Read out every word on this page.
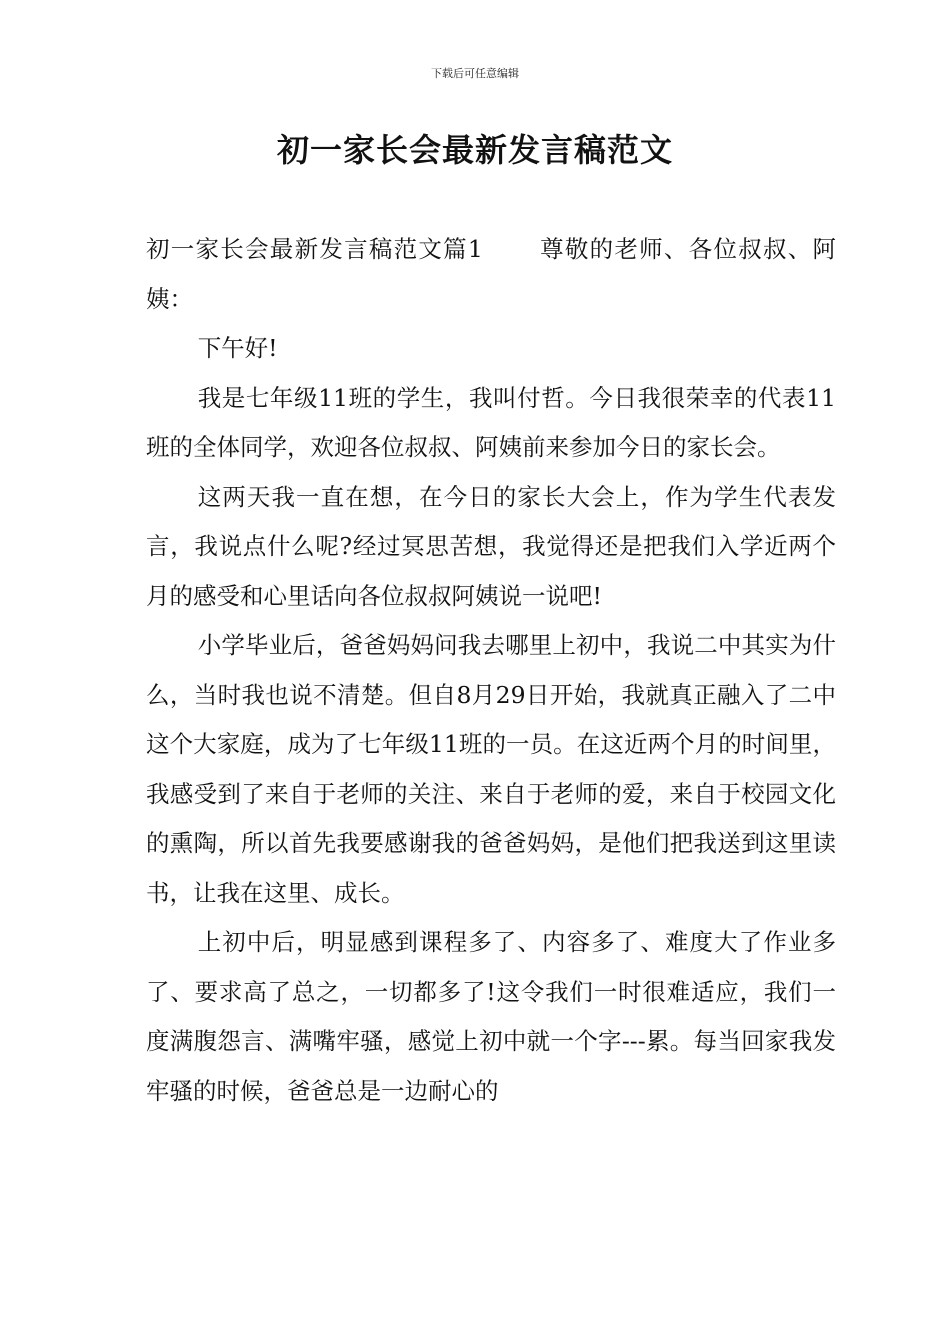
下载后可任意编辑
初一家长会最新发言稿范文

初一家长会最新发言稿范文篇1 尊敬的老师、各位叔叔、阿姨：

下午好!

我是七年级11班的学生，我叫付哲。今日我很荣幸的代表11班的全体同学，欢迎各位叔叔、阿姨前来参加今日的家长会。

这两天我一直在想，在今日的家长大会上，作为学生代表发言，我说点什么呢?经过冥思苦想，我觉得还是把我们入学近两个月的感受和心里话向各位叔叔阿姨说一说吧!

小学毕业后，爸爸妈妈问我去哪里上初中，我说二中其实为什么，当时我也说不清楚。但自8月29日开始，我就真正融入了二中这个大家庭，成为了七年级11班的一员。在这近两个月的时间里，我感受到了来自于老师的关注、来自于老师的爱，来自于校园文化的熏陶，所以首先我要感谢我的爸爸妈妈，是他们把我送到这里读书，让我在这里、成长。

上初中后，明显感到课程多了、内容多了、难度大了作业多了、要求高了总之，一切都多了!这令我们一时很难适应，我们一度满腹怨言、满嘴牢骚，感觉上初中就一个字---累。每当回家我发牢骚的时候，爸爸总是一边耐心的
